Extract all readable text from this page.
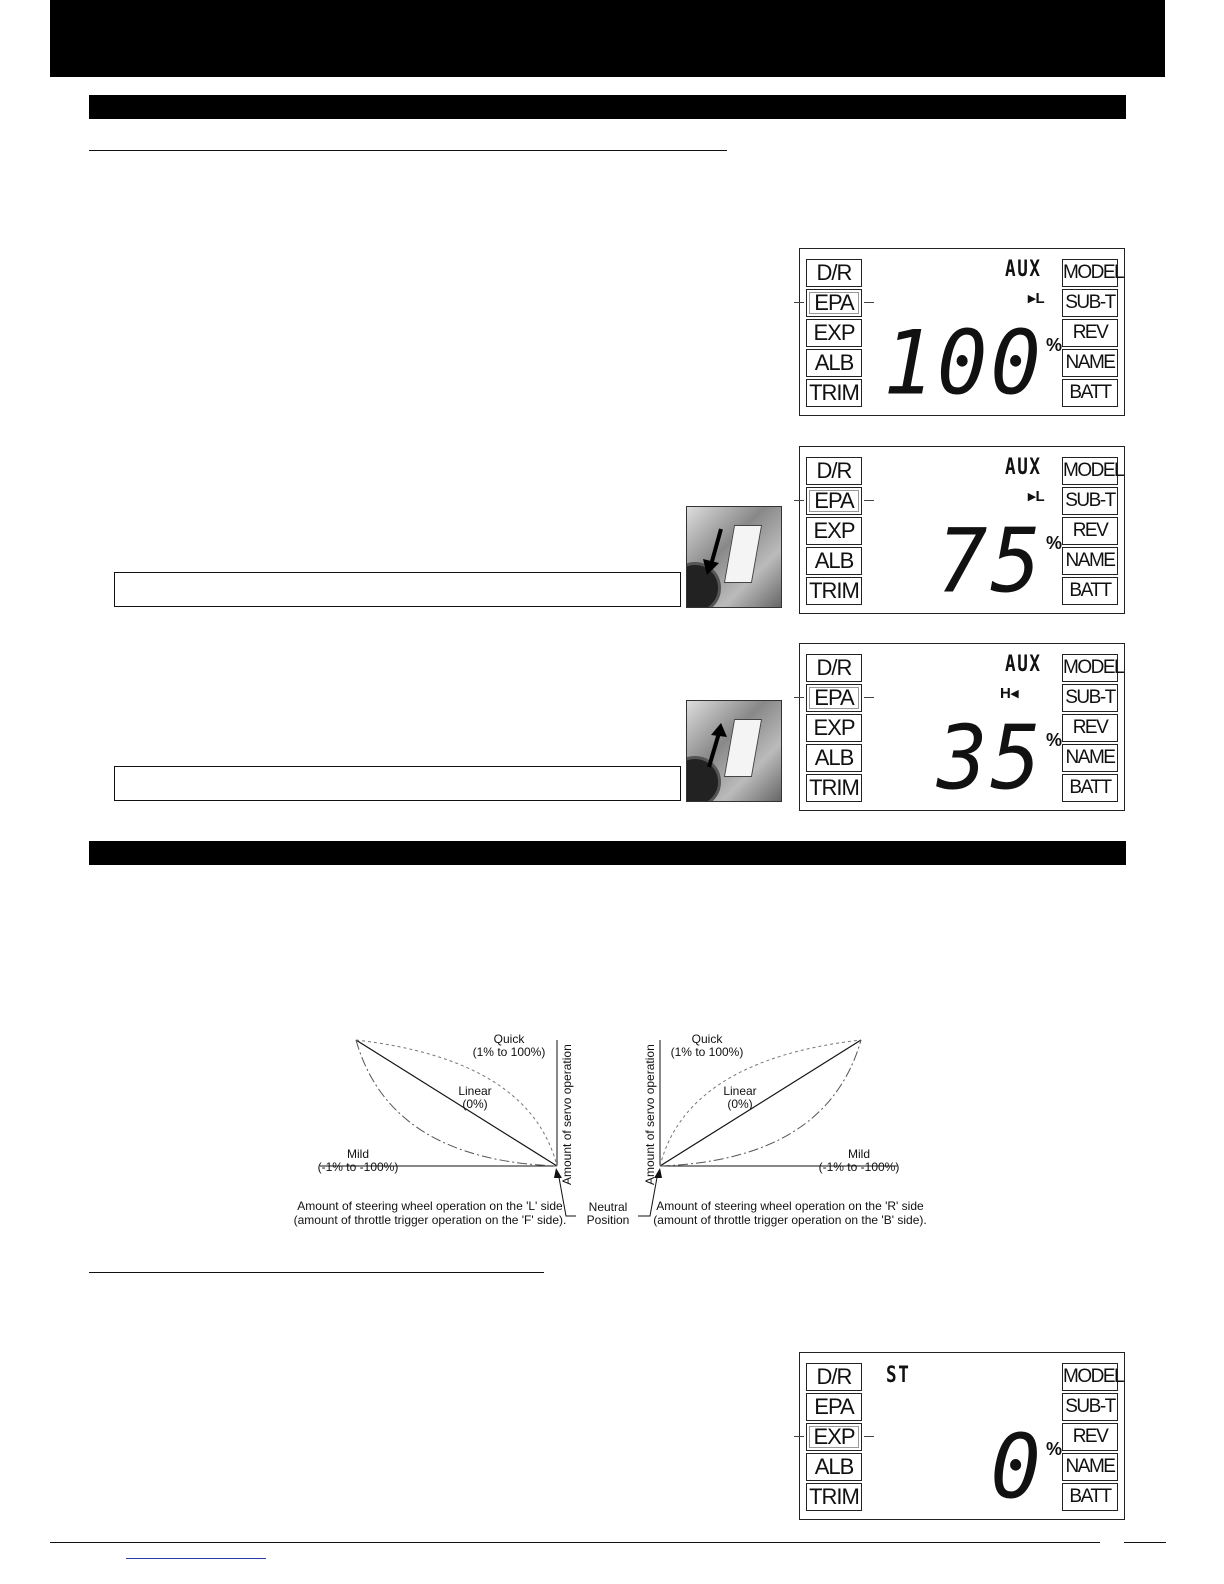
D/R
EPA
EXP
ALB
TRIM
MODEL
SUB-T
REV
NAME
BATT
AUX
▸L
100 %
D/R
EPA
EXP
ALB
TRIM
MODEL
SUB-T
REV
NAME
BATT
AUX
▸L
75 %
D/R
EPA
EXP
ALB
TRIM
MODEL
SUB-T
REV
NAME
BATT
AUX
H◂
35 %
Quick
(1% to 100%)
Linear
(0%)
Mild
(-1% to -100%)
Amount of steering wheel operation on the 'L' side
(amount of throttle trigger operation on the 'F' side).
Quick
(1% to 100%)
Linear
(0%)
Mild
(-1% to -100%)
Amount of steering wheel operation on the 'R' side
(amount of throttle trigger operation on the 'B' side).
Amount of servo operation	Amount of servo operation
Neutral
Position
D/R
EPA
EXP
ALB
TRIM
MODEL
SUB-T
REV
NAME
BATT
ST
0 %
